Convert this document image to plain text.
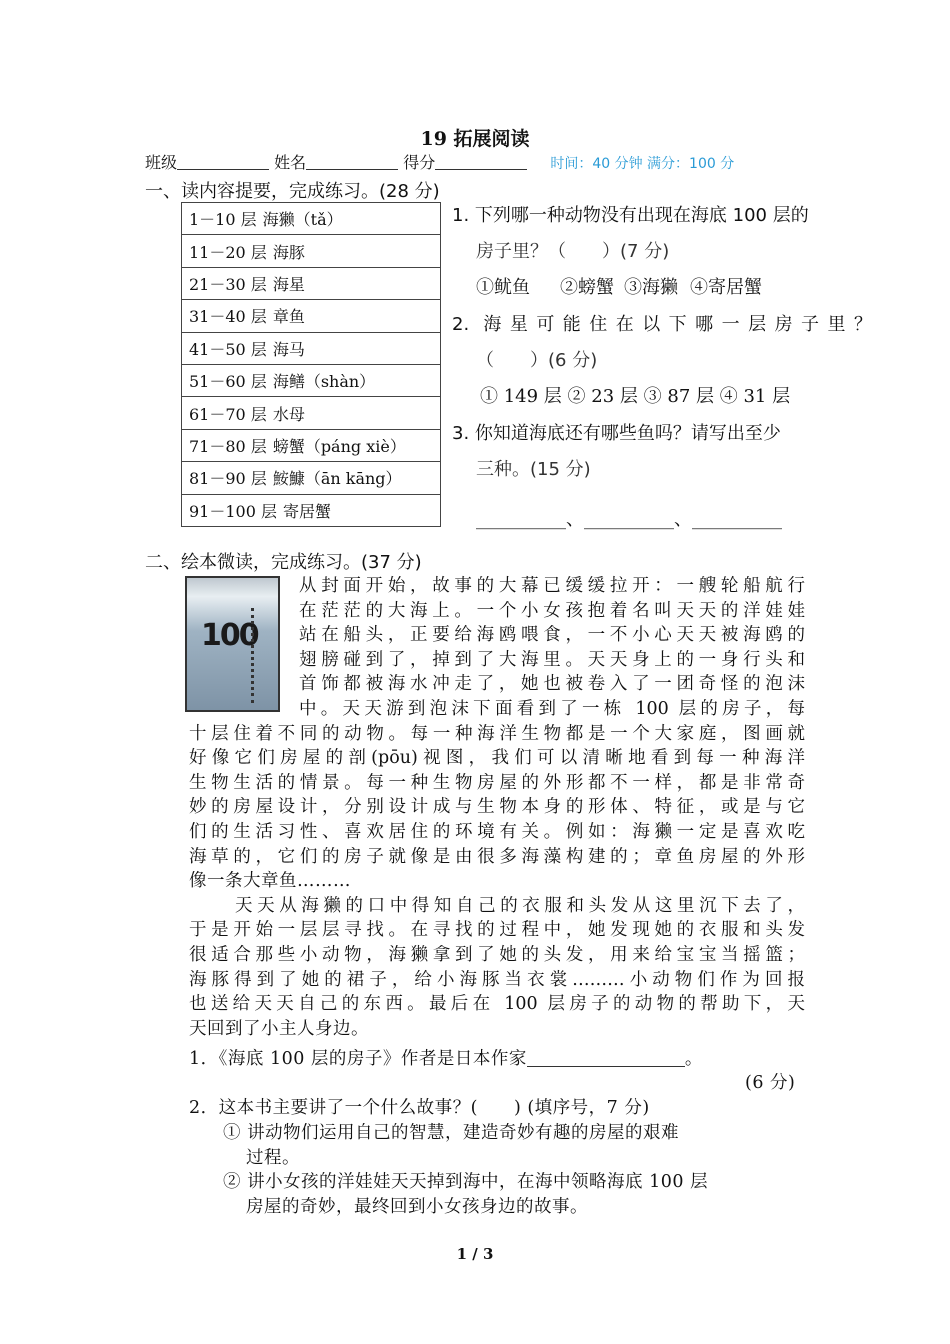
19 拓展阅读
班级	姓名	得分	时间：40 分钟 满分：100 分
一、读内容提要，完成练习。(28 分)
1－10 层 海獭（tǎ）
11－20 层 海豚
21－30 层 海星
31－40 层 章鱼
41－50 层 海马
51－60 层 海鳝（shàn）
61－70 层 水母
71－80 层 螃蟹（páng xiè）
81－90 层 鮟鱇（ān kāng）
91－100 层 寄居蟹
1. 下列哪一种动物没有出现在海底 100 层的
房子里？（　　）(7 分)
①鱿鱼 ②螃蟹 ③海獭 ④寄居蟹
2. 海星可能住在以下哪一层房子里？
（　　）(6 分)
① 149 层 ② 23 层 ③ 87 层 ④ 31 层
3. 你知道海底还有哪些鱼吗？请写出至少
三种。(15 分)
__________、__________、__________
二、绘本微读，完成练习。(37 分)
100
从封面开始，故事的大幕已缓缓拉开：一艘轮船航行
在茫茫的大海上。一个小女孩抱着名叫天天的洋娃娃
站在船头，正要给海鸥喂食，一不小心天天被海鸥的
翅膀碰到了，掉到了大海里。天天身上的一身行头和
首饰都被海水冲走了，她也被卷入了一团奇怪的泡沫
中。天天游到泡沫下面看到了一栋 100 层的房子，每
十层住着不同的动物。每一种海洋生物都是一个大家庭，图画就
好像它们房屋的剖(pōu)视图，我们可以清晰地看到每一种海洋
生物生活的情景。每一种生物房屋的外形都不一样，都是非常奇
妙的房屋设计，分别设计成与生物本身的形体、特征，或是与它
们的生活习性、喜欢居住的环境有关。例如：海獭一定是喜欢吃
海草的，它们的房子就像是由很多海藻构建的；章鱼房屋的外形
像一条大章鱼………
天天从海獭的口中得知自己的衣服和头发从这里沉下去了，
于是开始一层层寻找。在寻找的过程中，她发现她的衣服和头发
很适合那些小动物，海獭拿到了她的头发，用来给宝宝当摇篮；
海豚得到了她的裙子，给小海豚当衣裳………小动物们作为回报
也送给天天自己的东西。最后在 100 层房子的动物的帮助下，天
天回到了小主人身边。
1．《海底 100 层的房子》作者是日本作家	。
(6 分)
2．这本书主要讲了一个什么故事？(　　) (填序号，7 分)
① 讲动物们运用自己的智慧，建造奇妙有趣的房屋的艰难
过程。
② 讲小女孩的洋娃娃天天掉到海中，在海中领略海底 100 层
房屋的奇妙，最终回到小女孩身边的故事。
1 / 3
